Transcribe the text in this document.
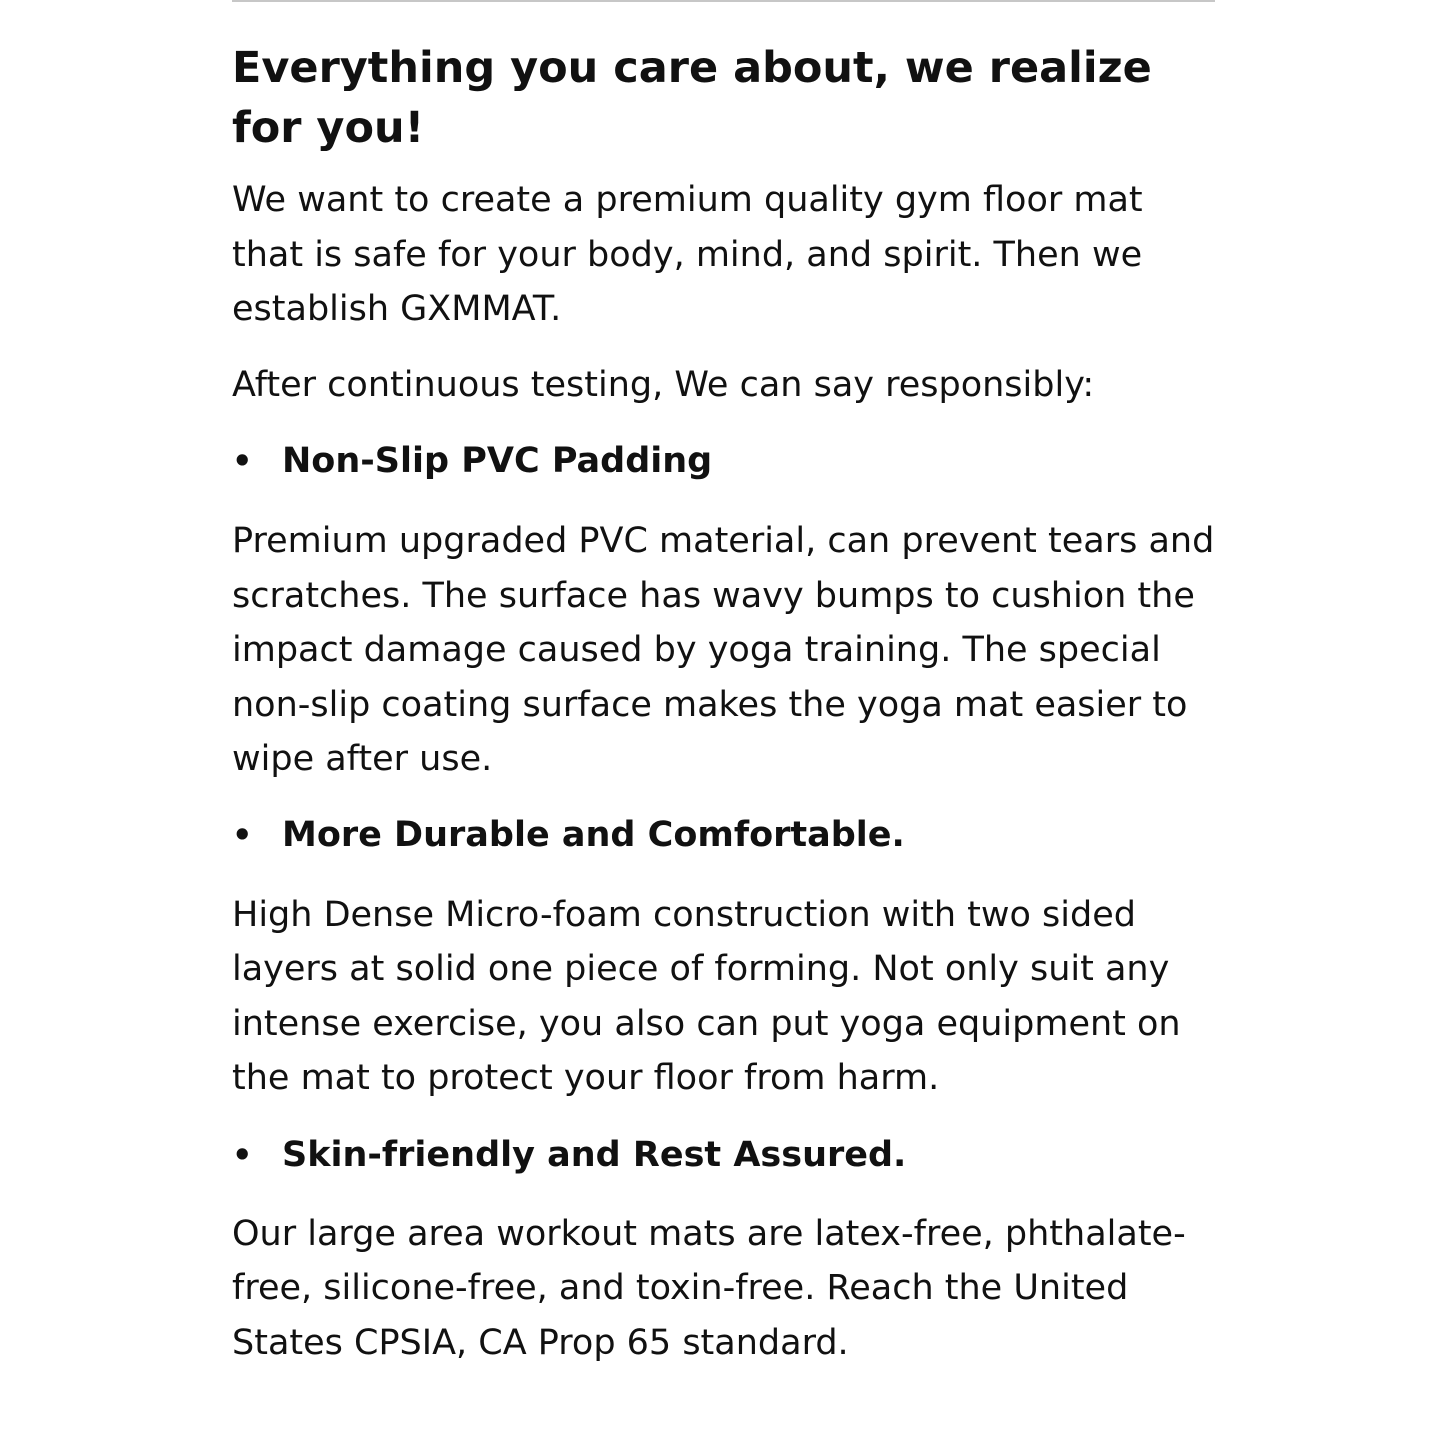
Everything you care about, we realize for you!

We want to create a premium quality gym floor mat that is safe for your body, mind, and spirit. Then we establish GXMMAT.

After continuous testing, We can say responsibly:

• Non-Slip PVC Padding

Premium upgraded PVC material, can prevent tears and scratches. The surface has wavy bumps to cushion the impact damage caused by yoga training. The special non-slip coating surface makes the yoga mat easier to wipe after use.

• More Durable and Comfortable.

High Dense Micro-foam construction with two sided layers at solid one piece of forming. Not only suit any intense exercise, you also can put yoga equipment on the mat to protect your floor from harm.

• Skin-friendly and Rest Assured.

Our large area workout mats are latex-free, phthalate-free, silicone-free, and toxin-free. Reach the United States CPSIA, CA Prop 65 standard.
